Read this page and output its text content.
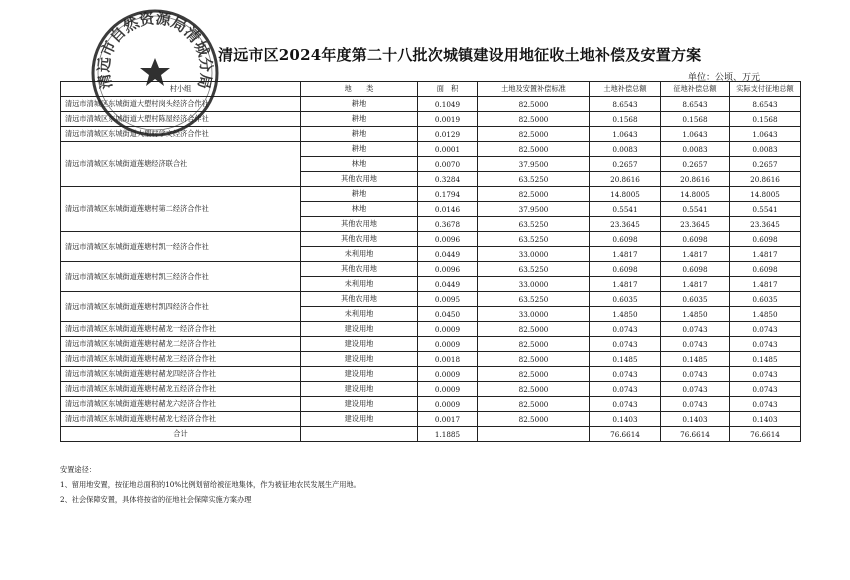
清远市区2024年度第二十八批次城镇建设用地征收土地补偿及安置方案
单位：公顷、万元
村小组	地　　类	面　积	土地及安置补偿标准	土地补偿总额	征地补偿总额	实际支付征地总额
清远市清城区东城街道大塱村岗头经济合作社	耕地	0.1049	82.5000	8.6543	8.6543	8.6543
清远市清城区东城街道大塱村陈屋经济合作社	耕地	0.0019	82.5000	0.1568	0.1568	0.1568
清远市清城区东城街道大塱村学文经济合作社	耕地	0.0129	82.5000	1.0643	1.0643	1.0643
清远市清城区东城街道莲塘经济联合社	耕地	0.0001	82.5000	0.0083	0.0083	0.0083
	林地	0.0070	37.9500	0.2657	0.2657	0.2657
	其他农用地	0.3284	63.5250	20.8616	20.8616	20.8616
清远市清城区东城街道莲塘村第二经济合作社	耕地	0.1794	82.5000	14.8005	14.8005	14.8005
	林地	0.0146	37.9500	0.5541	0.5541	0.5541
	其他农用地	0.3678	63.5250	23.3645	23.3645	23.3645
清远市清城区东城街道莲塘村凯一经济合作社	其他农用地	0.0096	63.5250	0.6098	0.6098	0.6098
	未利用地	0.0449	33.0000	1.4817	1.4817	1.4817
清远市清城区东城街道莲塘村凯三经济合作社	其他农用地	0.0096	63.5250	0.6098	0.6098	0.6098
	未利用地	0.0449	33.0000	1.4817	1.4817	1.4817
清远市清城区东城街道莲塘村凯四经济合作社	其他农用地	0.0095	63.5250	0.6035	0.6035	0.6035
	未利用地	0.0450	33.0000	1.4850	1.4850	1.4850
清远市清城区东城街道莲塘村赭龙一经济合作社	建设用地	0.0009	82.5000	0.0743	0.0743	0.0743
清远市清城区东城街道莲塘村赭龙二经济合作社	建设用地	0.0009	82.5000	0.0743	0.0743	0.0743
清远市清城区东城街道莲塘村赭龙三经济合作社	建设用地	0.0018	82.5000	0.1485	0.1485	0.1485
清远市清城区东城街道莲塘村赭龙四经济合作社	建设用地	0.0009	82.5000	0.0743	0.0743	0.0743
清远市清城区东城街道莲塘村赭龙五经济合作社	建设用地	0.0009	82.5000	0.0743	0.0743	0.0743
清远市清城区东城街道莲塘村赭龙六经济合作社	建设用地	0.0009	82.5000	0.0743	0.0743	0.0743
清远市清城区东城街道莲塘村赭龙七经济合作社	建设用地	0.0017	82.5000	0.1403	0.1403	0.1403
合计		1.1885		76.6614	76.6614	76.6614
安置途径：
1、留用地安置，按征地总面积的10%比例划留给被征地集体，作为被征地农民发展生产用地。
2、社会保障安置，具体将按省的征地社会保障实施方案办理
清远市自然资源局清城分局
